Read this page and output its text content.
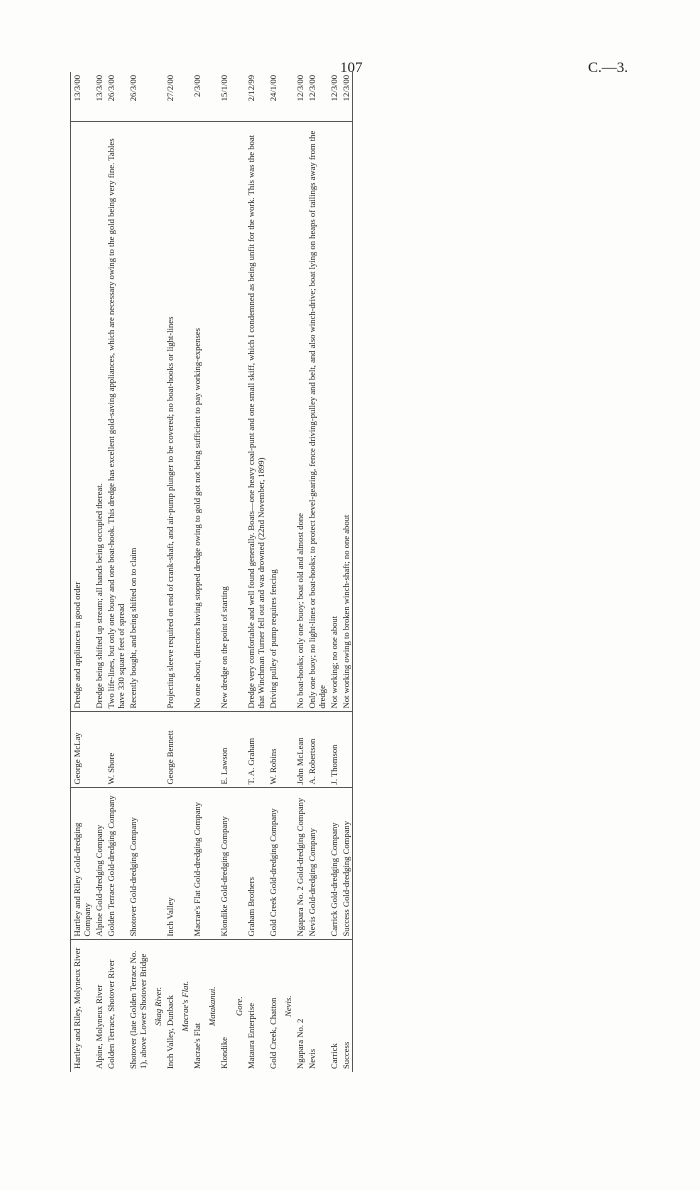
107	C.—3.
Hartley and Riley, Molyneux River	Hartley and Riley Gold-dredging Company	George McLay	Dredge and appliances in good order	13/3/00
Alpine, Molyneux River	Alpine Gold-dredging Company		Dredge being shifted up stream; all hands being occupied thereat.	13/3/00
Golden Terrace, Shotover River	Golden Terrace Gold-dredging Company	W. Shore	Two life-lines, but only one buoy and one boat-hook. This dredge has excellent gold-saving appliances, which are necessary owing to the gold being very fine. Tables have 330 square feet of spread	26/3/00
Shotover (late Golden Terrace No. 1), above Lower Shotover Bridge	Shotover Gold-dredging Company		Recently bought, and being shifted on to claim	26/3/00
Skag River.				
Inch Valley, Dunback	Inch Valley	George Bennett	Projecting sleeve required on end of crank-shaft, and air-pump plunger to be covered; no boat-hooks or light-lines	27/2/00
Macrae's Flat.				
Macrae's Flat	Macrae's Flat Gold-dredging Company		No one about, directors having stopped dredge owing to gold got not being sufficient to pay working-expenses	2/3/00
Matakanui.				
Klondike	Klondike Gold-dredging Company	E. Lawson	New dredge on the point of starting	15/1/00
Gore.				
Mataura Enterprise	Graham Brothers	T. A. Graham	Dredge very comfortable and well found generally. Boats—one heavy coal-punt and one small skiff, which I condemned as being unfit for the work. This was the boat that Winchman Turner fell out and was drowned (22nd November, 1899)	2/12/99
Gold Creek, Chatton	Gold Creek Gold-dredging Company	W. Robins	Driving pulley of pump requires fencing	24/1/00
Nevis.				
Ngapara No. 2	Ngapara No. 2 Gold-dredging Company	John McLean	No boat-hooks; only one buoy; boat old and almost done	12/3/00
Nevis	Nevis Gold-dredging Company	A. Robertson	Only one buoy; no light-lines or boat-hooks; to protect bevel-gearing, fence driving-pulley and belt, and also winch-drive; boat lying on heaps of tailings away from the dredge	12/3/00
Carrick	Carrick Gold-dredging Company	J. Thomson	Not working; no one about	12/3/00
Success	Success Gold-dredging Company		Not working owing to broken winch-shaft; no one about	12/3/00
